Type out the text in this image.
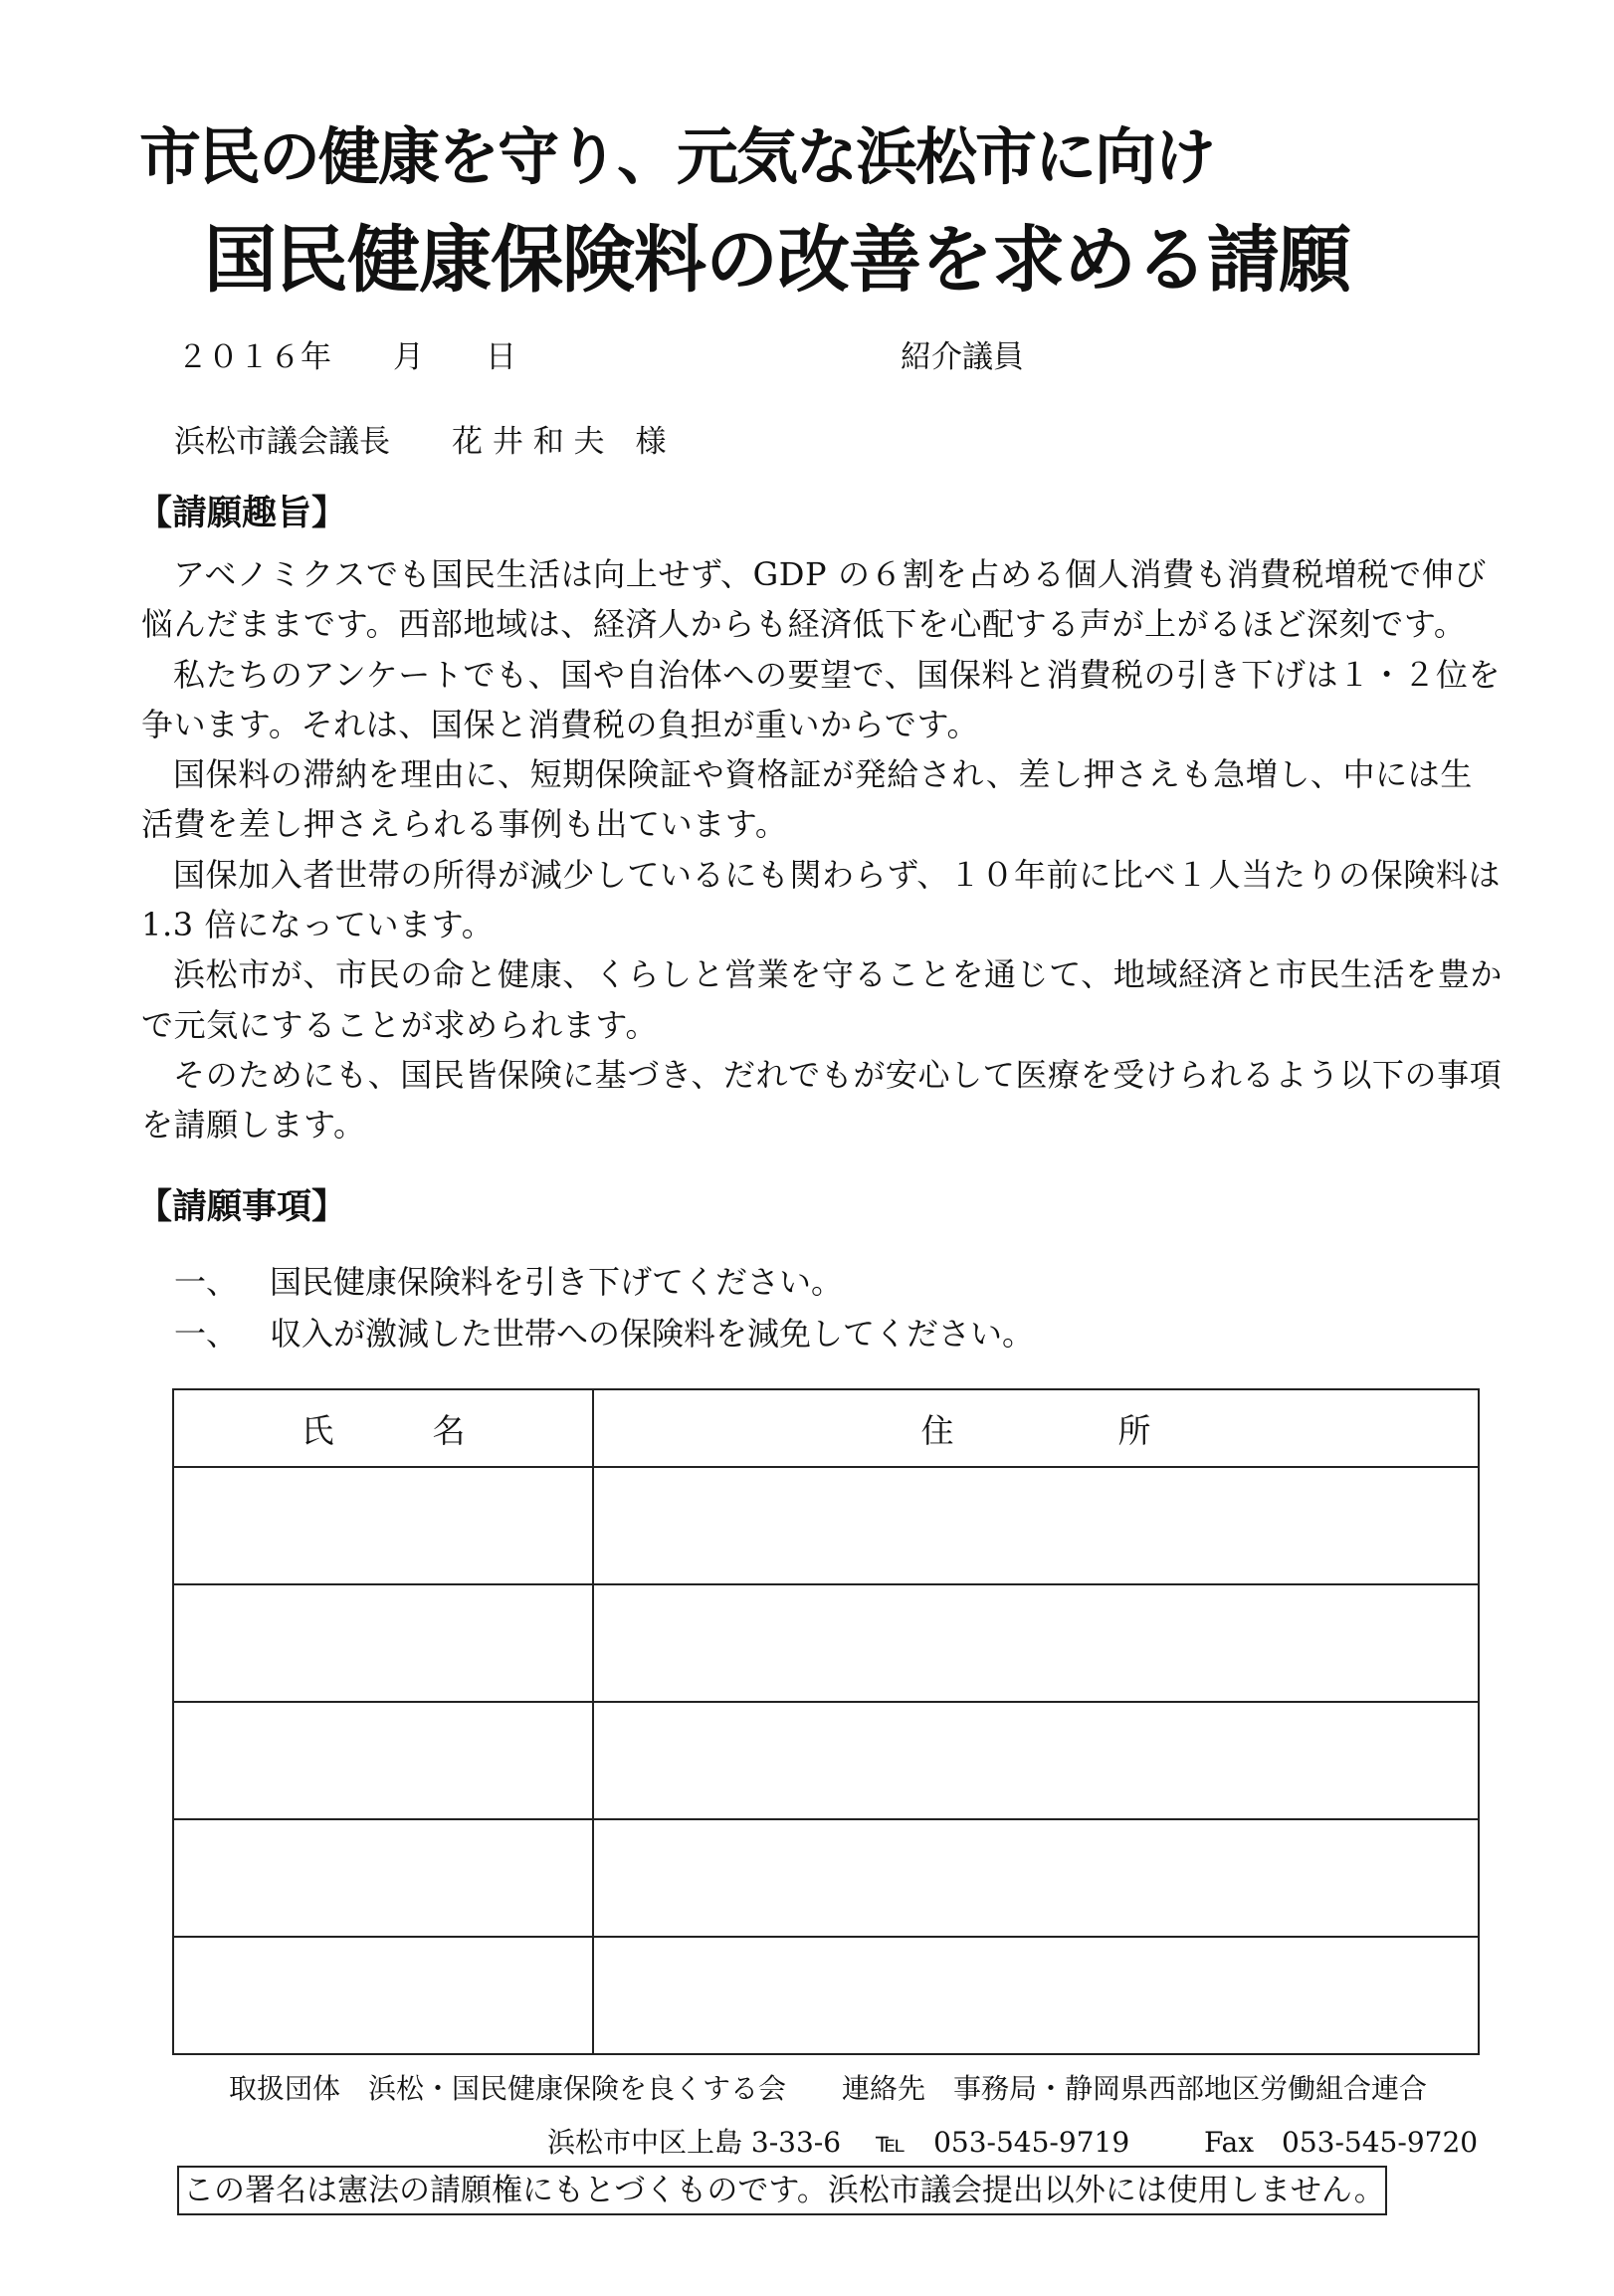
市民の健康を守り、元気な浜松市に向け
国民健康保険料の改善を求める請願
２０１６年　　月　　日	紹介議員
浜松市議会議長　　花 井 和 夫　様
【請願趣旨】

アベノミクスでも国民生活は向上せず、GDP の６割を占める個人消費も消費税増税で伸び悩んだままです。西部地域は、経済人からも経済低下を心配する声が上がるほど深刻です。

私たちのアンケートでも、国や自治体への要望で、国保料と消費税の引き下げは１・２位を争います。それは、国保と消費税の負担が重いからです。

国保料の滞納を理由に、短期保険証や資格証が発給され、差し押さえも急増し、中には生活費を差し押さえられる事例も出ています。

国保加入者世帯の所得が減少しているにも関わらず、１０年前に比べ１人当たりの保険料は 1.3 倍になっています。

浜松市が、市民の命と健康、くらしと営業を守ることを通じて、地域経済と市民生活を豊かで元気にすることが求められます。

そのためにも、国民皆保険に基づき、だれでもが安心して医療を受けられるよう以下の事項を請願します。

【請願事項】
一、 国民健康保険料を引き下げてください。
一、 収入が激減した世帯への保険料を減免してください。
氏　　　名	住　　　　　所

取扱団体　浜松・国民健康保険を良くする会　　連絡先　事務局・静岡県西部地区労働組合連合
浜松市中区上島 3-33-6 ℡　053-545-9719	Fax　053-545-9720
この署名は憲法の請願権にもとづくものです。浜松市議会提出以外には使用しません。
